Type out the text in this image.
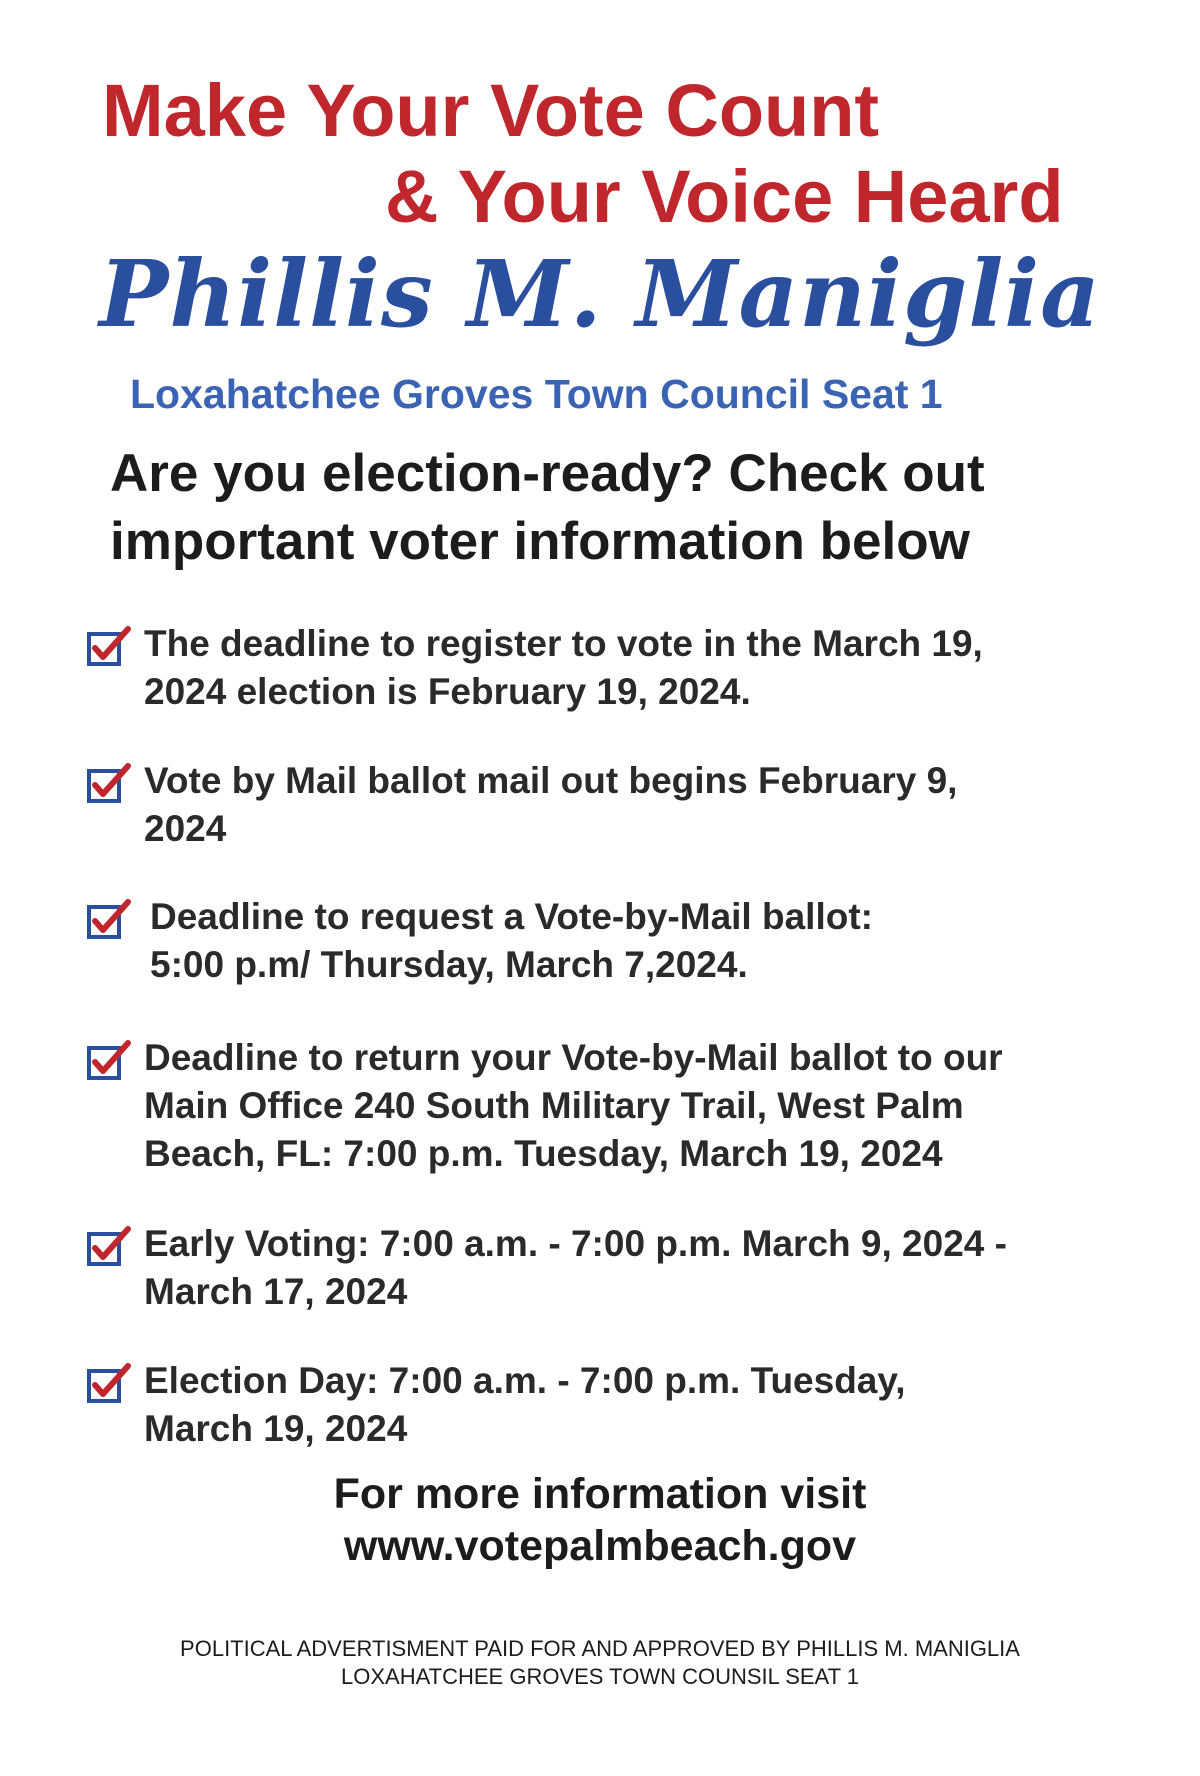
Make Your Vote Count
& Your Voice Heard
Phillis M. Maniglia

Loxahatchee Groves Town Council Seat 1

Are you election-ready? Check out
important voter information below

The deadline to register to vote in the March 19,
2024 election is February 19, 2024.
Vote by Mail ballot mail out begins February 9,
2024
Deadline to request a Vote-by-Mail ballot:
5:00 p.m/ Thursday, March 7,2024.
Deadline to return your Vote-by-Mail ballot to our
Main Office 240 South Military Trail, West Palm
Beach, FL: 7:00 p.m. Tuesday, March 19, 2024
Early Voting: 7:00 a.m. - 7:00 p.m. March 9, 2024 -
March 17, 2024
Election Day: 7:00 a.m. - 7:00 p.m. Tuesday,
March 19, 2024

For more information visit
www.votepalmbeach.gov

POLITICAL ADVERTISMENT PAID FOR AND APPROVED BY PHILLIS M. MANIGLIA
LOXAHATCHEE GROVES TOWN COUNSIL SEAT 1
